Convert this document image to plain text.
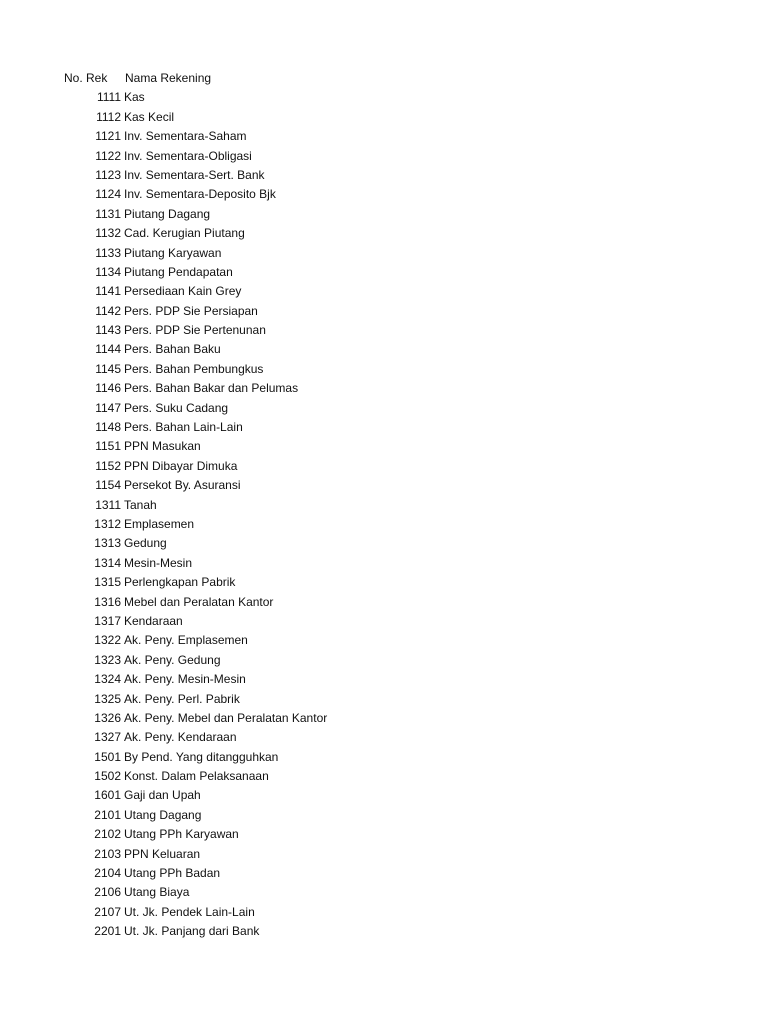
No. Rek	Nama Rekening
1111 Kas
1112 Kas Kecil
1121 Inv. Sementara-Saham
1122 Inv. Sementara-Obligasi
1123 Inv. Sementara-Sert. Bank
1124 Inv. Sementara-Deposito Bjk
1131 Piutang Dagang
1132 Cad. Kerugian Piutang
1133 Piutang Karyawan
1134 Piutang Pendapatan
1141 Persediaan Kain Grey
1142 Pers. PDP Sie Persiapan
1143 Pers. PDP Sie Pertenunan
1144 Pers. Bahan Baku
1145 Pers. Bahan Pembungkus
1146 Pers. Bahan Bakar dan Pelumas
1147 Pers. Suku Cadang
1148 Pers. Bahan Lain-Lain
1151 PPN Masukan
1152 PPN Dibayar Dimuka
1154 Persekot By. Asuransi
1311 Tanah
1312 Emplasemen
1313 Gedung
1314 Mesin-Mesin
1315 Perlengkapan Pabrik
1316 Mebel dan Peralatan Kantor
1317 Kendaraan
1322 Ak. Peny. Emplasemen
1323 Ak. Peny. Gedung
1324 Ak. Peny. Mesin-Mesin
1325 Ak. Peny. Perl. Pabrik
1326 Ak. Peny. Mebel dan Peralatan Kantor
1327 Ak. Peny. Kendaraan
1501 By Pend. Yang ditangguhkan
1502 Konst. Dalam Pelaksanaan
1601 Gaji dan Upah
2101 Utang Dagang
2102 Utang PPh Karyawan
2103 PPN Keluaran
2104 Utang PPh Badan
2106 Utang Biaya
2107 Ut. Jk. Pendek Lain-Lain
2201 Ut. Jk. Panjang dari Bank
